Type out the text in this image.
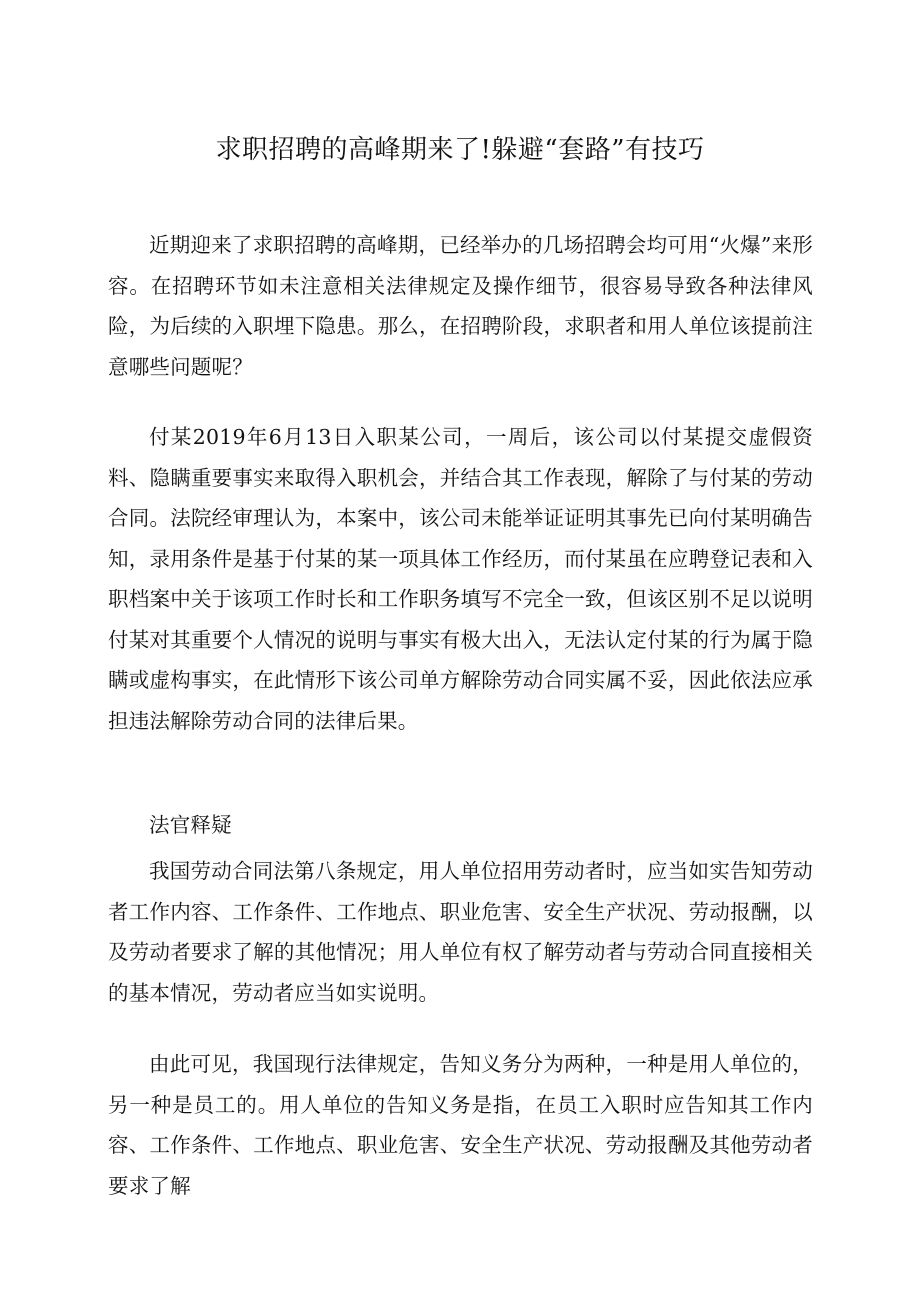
求职招聘的高峰期来了!躲避“套路”有技巧

近期迎来了求职招聘的高峰期，已经举办的几场招聘会均可用“火爆”来形容。在招聘环节如未注意相关法律规定及操作细节，很容易导致各种法律风险，为后续的入职埋下隐患。那么，在招聘阶段，求职者和用人单位该提前注意哪些问题呢？

付某2019年6月13日入职某公司，一周后，该公司以付某提交虚假资料、隐瞒重要事实来取得入职机会，并结合其工作表现，解除了与付某的劳动合同。法院经审理认为，本案中，该公司未能举证证明其事先已向付某明确告知，录用条件是基于付某的某一项具体工作经历，而付某虽在应聘登记表和入职档案中关于该项工作时长和工作职务填写不完全一致，但该区别不足以说明付某对其重要个人情况的说明与事实有极大出入，无法认定付某的行为属于隐瞒或虚构事实，在此情形下该公司单方解除劳动合同实属不妥，因此依法应承担违法解除劳动合同的法律后果。

法官释疑

我国劳动合同法第八条规定，用人单位招用劳动者时，应当如实告知劳动者工作内容、工作条件、工作地点、职业危害、安全生产状况、劳动报酬，以及劳动者要求了解的其他情况；用人单位有权了解劳动者与劳动合同直接相关的基本情况，劳动者应当如实说明。

由此可见，我国现行法律规定，告知义务分为两种，一种是用人单位的，另一种是员工的。用人单位的告知义务是指，在员工入职时应告知其工作内容、工作条件、工作地点、职业危害、安全生产状况、劳动报酬及其他劳动者要求了解
